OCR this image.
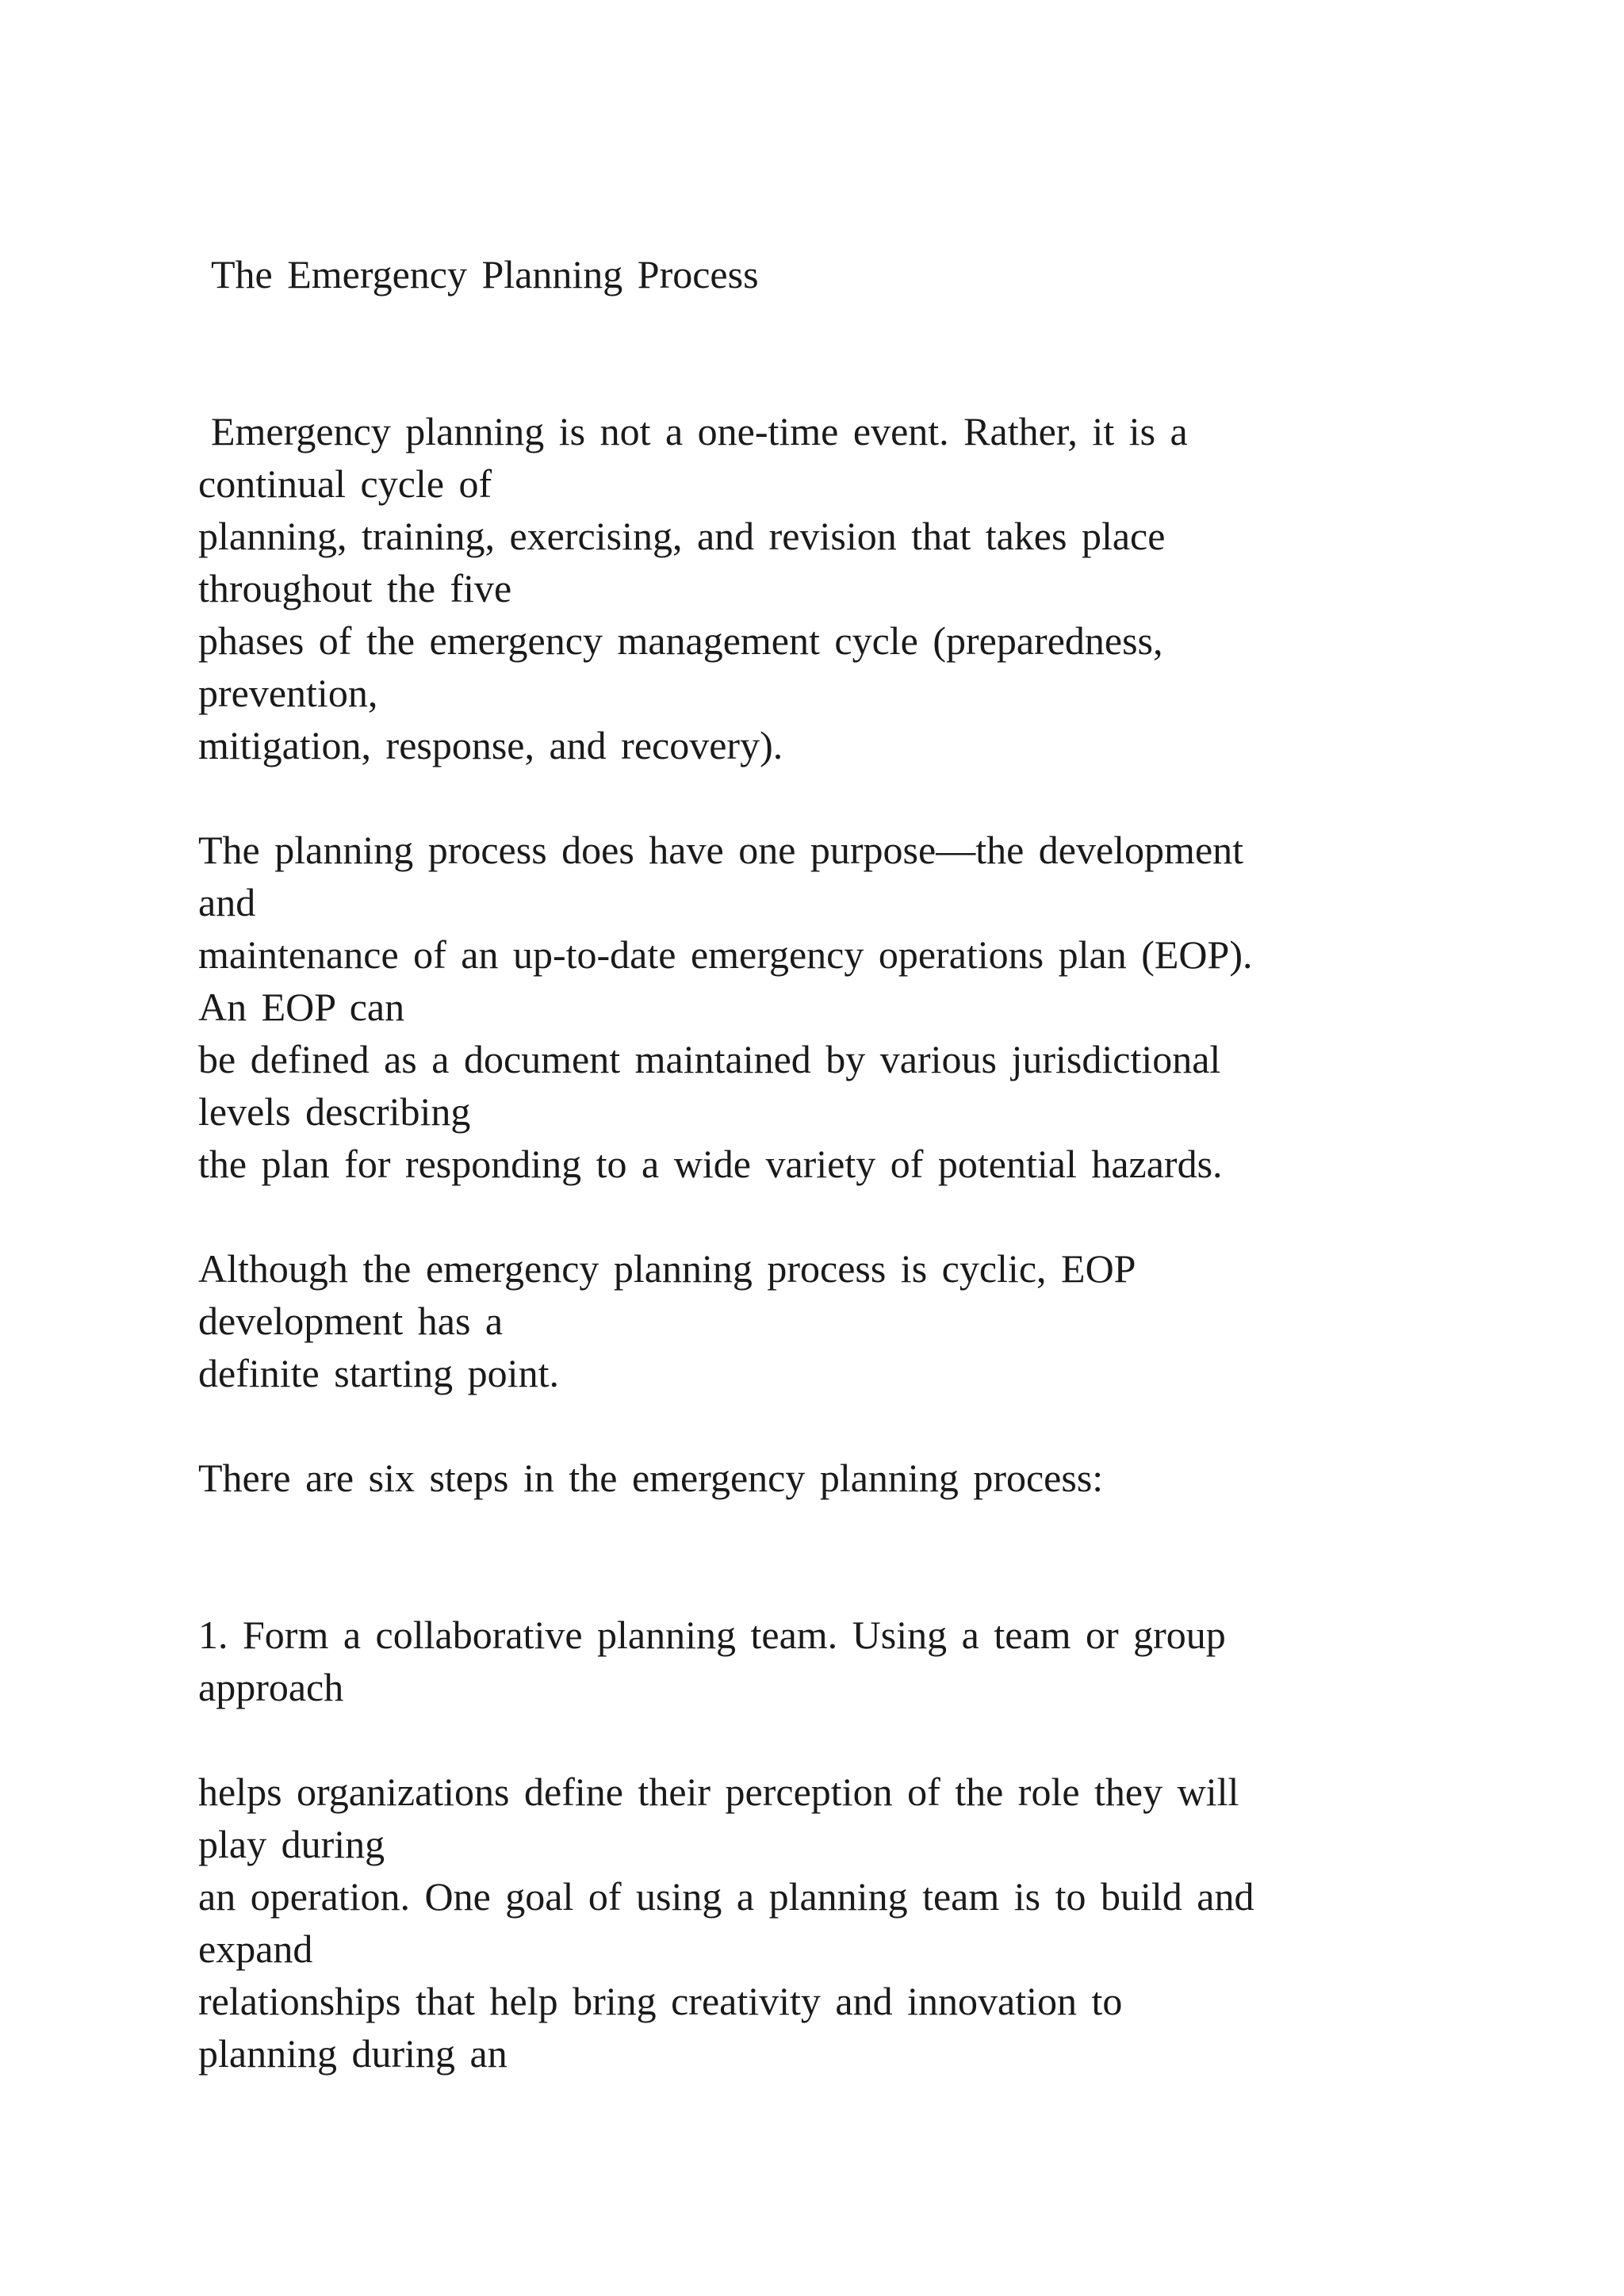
The Emergency Planning Process

Emergency planning is not a one-time event. Rather, it is a

continual cycle of

planning, training, exercising, and revision that takes place

throughout the five

phases of the emergency management cycle (preparedness,

prevention,

mitigation, response, and recovery).

The planning process does have one purpose—the development

and

maintenance of an up-to-date emergency operations plan (EOP).

An EOP can

be defined as a document maintained by various jurisdictional

levels describing

the plan for responding to a wide variety of potential hazards.

Although the emergency planning process is cyclic, EOP

development has a

definite starting point.

There are six steps in the emergency planning process:

1. Form a collaborative planning team. Using a team or group

approach

helps organizations define their perception of the role they will

play during

an operation. One goal of using a planning team is to build and

expand

relationships that help bring creativity and innovation to

planning during an
